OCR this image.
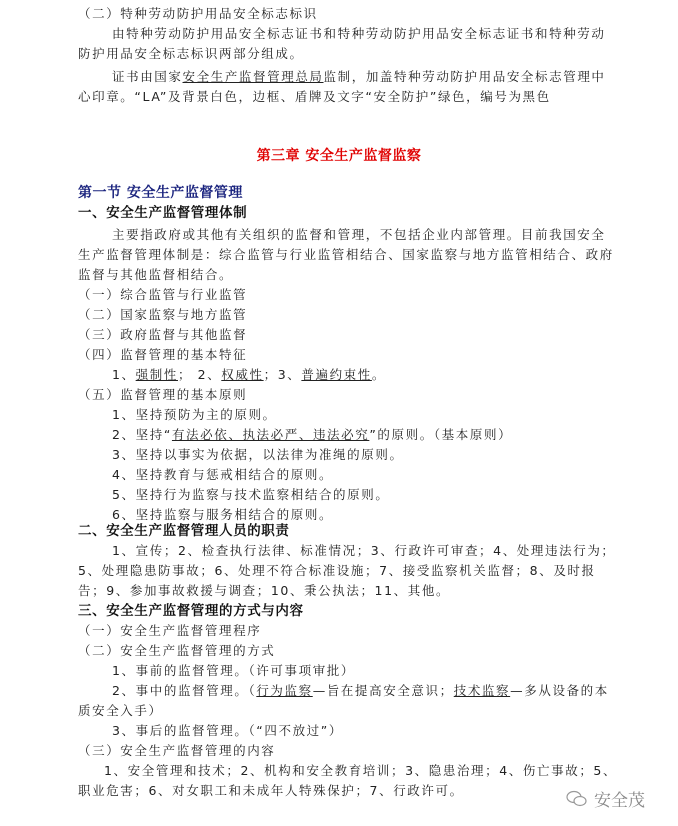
（二）特种劳动防护用品安全标志标识
由特种劳动防护用品安全标志证书和特种劳动防护用品安全标志证书和特种劳动防护用品安全标志标识两部分组成。
证书由国家安全生产监督管理总局监制，加盖特种劳动防护用品安全标志管理中心印章。“LA”及背景白色，边框、盾牌及文字“安全防护”绿色，编号为黑色
第三章 安全生产监督监察
第一节 安全生产监督管理
一、安全生产监督管理体制
主要指政府或其他有关组织的监督和管理，不包括企业内部管理。目前我国安全生产监督管理体制是：综合监管与行业监管相结合、国家监察与地方监管相结合、政府监督与其他监督相结合。
（一）综合监管与行业监管
（二）国家监察与地方监管
（三）政府监督与其他监督
（四）监督管理的基本特征
1、强制性； 2、权威性；3、普遍约束性。
（五）监督管理的基本原则
1、坚持预防为主的原则。
2、坚持“有法必依、执法必严、违法必究”的原则。（基本原则）
3、坚持以事实为依据，以法律为准绳的原则。
4、坚持教育与惩戒相结合的原则。
5、坚持行为监察与技术监察相结合的原则。
6、坚持监察与服务相结合的原则。
二、安全生产监督管理人员的职责
1、宣传；2、检查执行法律、标准情况；3、行政许可审查；4、处理违法行为；5、处理隐患防事故；6、处理不符合标准设施；7、接受监察机关监督；8、及时报告；9、参加事故救援与调查；10、秉公执法；11、其他。
三、安全生产监督管理的方式与内容
（一）安全生产监督管理程序
（二）安全生产监督管理的方式
1、事前的监督管理。（许可事项审批）
2、事中的监督管理。（行为监察—旨在提高安全意识；技术监察—多从设备的本质安全入手）
3、事后的监督管理。（“四不放过”）
（三）安全生产监督管理的内容
1、安全管理和技术；2、机构和安全教育培训；3、隐患治理；4、伤亡事故；5、职业危害；6、对女职工和未成年人特殊保护；7、行政许可。
安全茂
